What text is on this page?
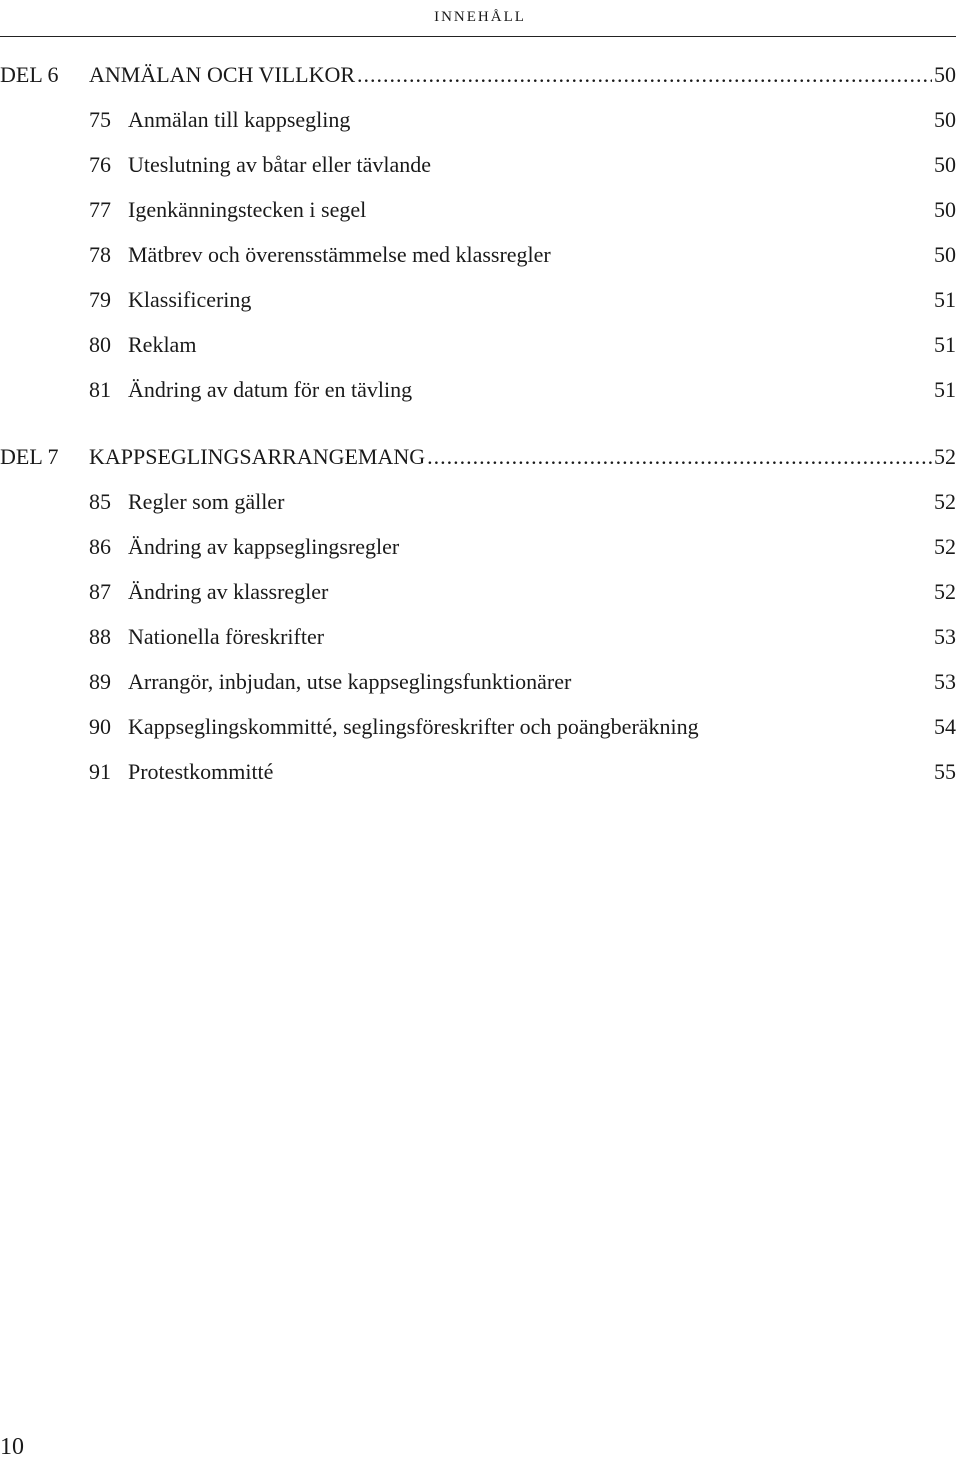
innehåll
DEL 6	ANMÄLAN OCH VILLKOR .....	50
75 Anmälan till kappsegling	50
76 Uteslutning av båtar eller tävlande	50
77 Igenkänningstecken i segel	50
78 Mätbrev och överensstämmelse med klassregler	50
79 Klassificering	51
80 Reklam	51
81 Ändring av datum för en tävling	51
DEL 7	KAPPSEGLINGSARRANGEMANG .....	52
85 Regler som gäller	52
86 Ändring av kappseglingsregler	52
87 Ändring av klassregler	52
88 Nationella föreskrifter	53
89 Arrangör, inbjudan, utse kappseglingsfunktionärer	53
90 Kappseglingskommitté, seglingsföreskrifter och poängberäkning	54
91 Protestkommitté	55
10
